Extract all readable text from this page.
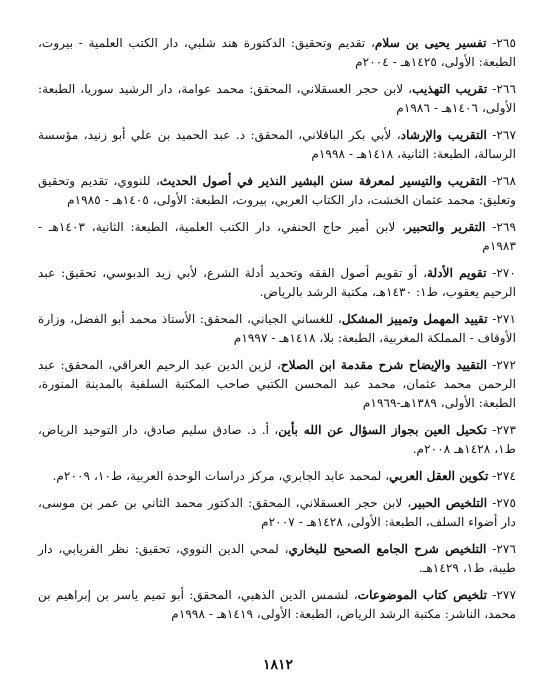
٢٦٥- تفسير يحيى بن سلام، تقديم وتحقيق: الدكتورة هند شلبي، دار الكتب العلمية - بيروت، الطبعة: الأولى، ١٤٢٥هـ - ٢٠٠٤م

٢٦٦- تقريب التهذيب، لابن حجر العسقلاني، المحقق: محمد عوامة، دار الرشيد سوريا، الطبعة: الأولى، ١٤٠٦هـ - ١٩٨٦م

٢٦٧- التقريب والإرشاد، لأبي بكر الباقلاني، المحقق: د. عبد الحميد بن علي أبو زنيد، مؤسسة الرسالة، الطبعة: الثانية، ١٤١٨هـ - ١٩٩٨م

٢٦٨- التقريب والتيسير لمعرفة سنن البشير النذير في أصول الحديث، للنووي، تقديم وتحقيق وتعليق: محمد عثمان الخشت، دار الكتاب العربي، بيروت، الطبعة: الأولى، ١٤٠٥هـ - ١٩٨٥م

٢٦٩- التقرير والتحبير، لابن أمير حاج الحنفي، دار الكتب العلمية، الطبعة: الثانية، ١٤٠٣هـ - ١٩٨٣م

٢٧٠- تقويم الأدلة، أو تقويم أصول الفقه وتحديد أدلة الشرع، لأبي زيد الدبوسي، تحقيق: عبد الرحيم يعقوب، ط١: ١٤٣٠هـ، مكتبة الرشد بالرياض.

٢٧١- تقييد المهمل وتمييز المشكل، للغساني الجياني، المحقق: الأستاذ محمد أبو الفضل، وزارة الأوقاف - المملكة المغربية، الطبعة: بلا، ١٤١٨هـ - ١٩٩٧م

٢٧٢- التقييد والإيضاح شرح مقدمة ابن الصلاح، لزين الدين عبد الرحيم العراقي، المحقق: عبد الرحمن محمد عثمان، محمد عبد المحسن الكتبي صاحب المكتبة السلفية بالمدينة المنورة، الطبعة: الأولى، ١٣٨٩هـ-١٩٦٩م

٢٧٣- تكحيل العين بجواز السؤال عن الله بأين، أ. د. صادق سليم صادق، دار التوحيد الرياض، ط١، ١٤٢٨هـ ٢٠٠٨م.

٢٧٤- تكوين العقل العربي، لمحمد عابد الجابري، مركز دراسات الوحدة العربية، ط١٠، ٢٠٠٩م.

٢٧٥- التلخيص الحبير، لابن حجر العسقلاني، المحقق: الدكتور محمد الثاني بن عمر بن موسى، دار أضواء السلف، الطبعة: الأولى، ١٤٢٨هـ - ٢٠٠٧م

٢٧٦- التلخيص شرح الجامع الصحيح للبخاري، لمحي الدين النووي، تحقيق: نظر الفريابي، دار طيبة، ط١، ١٤٢٩هـ.

٢٧٧- تلخيص كتاب الموضوعات، لشمس الدين الذهبي، المحقق: أبو تميم ياسر بن إبراهيم بن محمد، الناشر: مكتبة الرشد الرياض، الطبعة: الأولى، ١٤١٩هـ - ١٩٩٨م

١٨١٢
